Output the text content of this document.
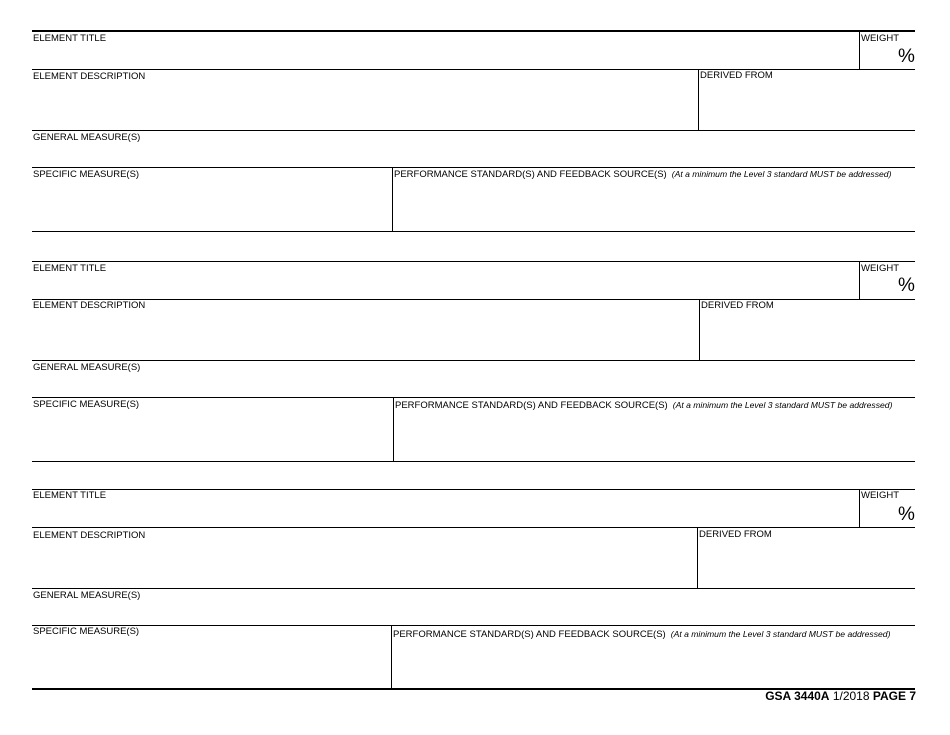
ELEMENT TITLE	WEIGHT
%
ELEMENT DESCRIPTION	DERIVED FROM
GENERAL MEASURE(S)
SPECIFIC MEASURE(S)	PERFORMANCE STANDARD(S) AND FEEDBACK SOURCE(S) (At a minimum the Level 3 standard MUST be addressed)
ELEMENT TITLE	WEIGHT
%
ELEMENT DESCRIPTION	DERIVED FROM
GENERAL MEASURE(S)
SPECIFIC MEASURE(S)	PERFORMANCE STANDARD(S) AND FEEDBACK SOURCE(S) (At a minimum the Level 3 standard MUST be addressed)
ELEMENT TITLE	WEIGHT
%
ELEMENT DESCRIPTION	DERIVED FROM
GENERAL MEASURE(S)
SPECIFIC MEASURE(S)	PERFORMANCE STANDARD(S) AND FEEDBACK SOURCE(S) (At a minimum the Level 3 standard MUST be addressed)
GSA 3440A 1/2018 PAGE 7
